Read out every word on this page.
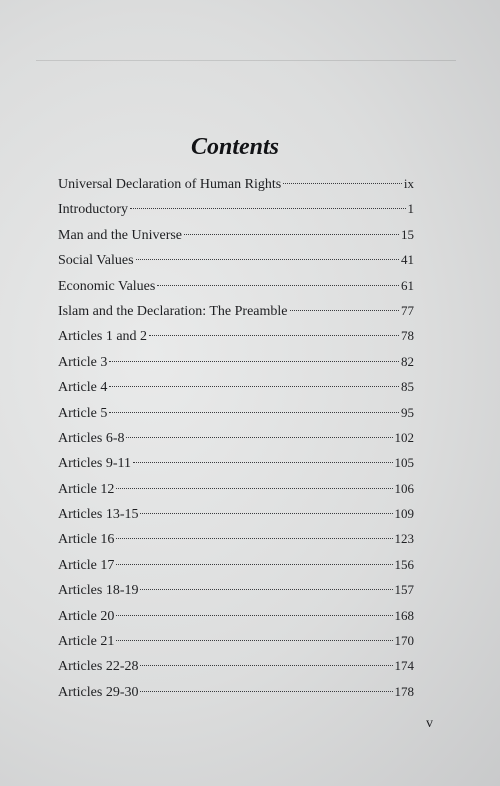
Contents
Universal Declaration of Human Rights	ix
Introductory	1
Man and the Universe	15
Social Values	41
Economic Values	61
Islam and the Declaration: The Preamble	77
Articles 1 and 2	78
Article 3	82
Article 4	85
Article 5	95
Articles 6-8	102
Articles 9-11	105
Article 12	106
Articles 13-15	109
Article 16	123
Article 17	156
Articles 18-19	157
Article 20	168
Article 21	170
Articles 22-28	174
Articles 29-30	178
v
